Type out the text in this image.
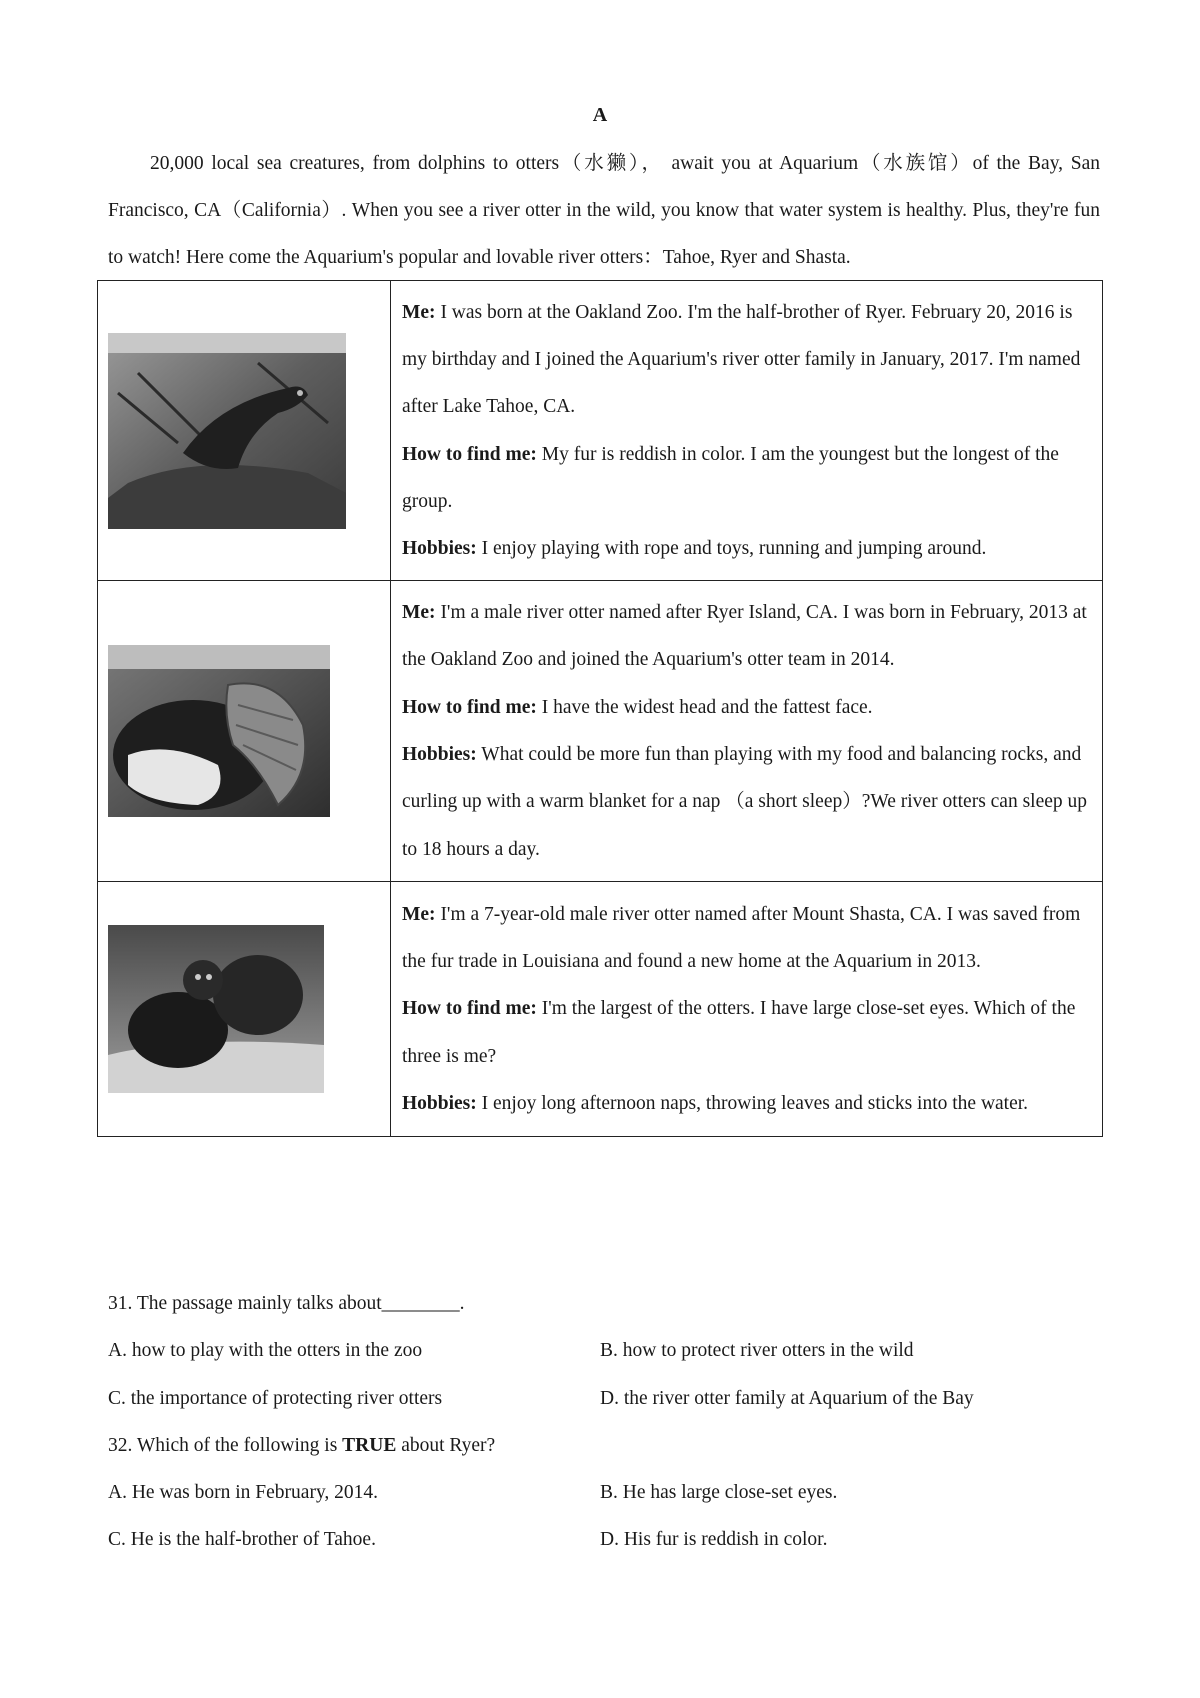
A

20,000 local sea creatures, from dolphins to otters（水獭）， await you at Aquarium（水族馆）of the Bay, San Francisco, CA（California）. When you see a river otter in the wild, you know that water system is healthy. Plus, they're fun to watch! Here come the Aquarium's popular and lovable river otters：Tahoe, Ryer and Shasta.

Me: I was born at the Oakland Zoo. I'm the half-brother of Ryer. February 20, 2016 is my birthday and I joined the Aquarium's river otter family in January, 2017. I'm named after Lake Tahoe, CA.

How to find me: My fur is reddish in color. I am the youngest but the longest of the group.

Hobbies: I enjoy playing with rope and toys, running and jumping around.

Me: I'm a male river otter named after Ryer Island, CA. I was born in February, 2013 at the Oakland Zoo and joined the Aquarium's otter team in 2014.

How to find me: I have the widest head and the fattest face.

Hobbies: What could be more fun than playing with my food and balancing rocks, and curling up with a warm blanket for a nap （a short sleep）?We river otters can sleep up to 18 hours a day.

Me: I'm a 7-year-old male river otter named after Mount Shasta, CA. I was saved from the fur trade in Louisiana and found a new home at the Aquarium in 2013.

How to find me: I'm the largest of the otters. I have large close-set eyes. Which of the three is me?

Hobbies: I enjoy long afternoon naps, throwing leaves and sticks into the water.

31. The passage mainly talks about________.

A. how to play with the otters in the zoo	B. how to protect river otters in the wild

C. the importance of protecting river otters	D. the river otter family at Aquarium of the Bay

32. Which of the following is TRUE about Ryer?

A. He was born in February, 2014.	B. He has large close-set eyes.

C. He is the half-brother of Tahoe.	D. His fur is reddish in color.
